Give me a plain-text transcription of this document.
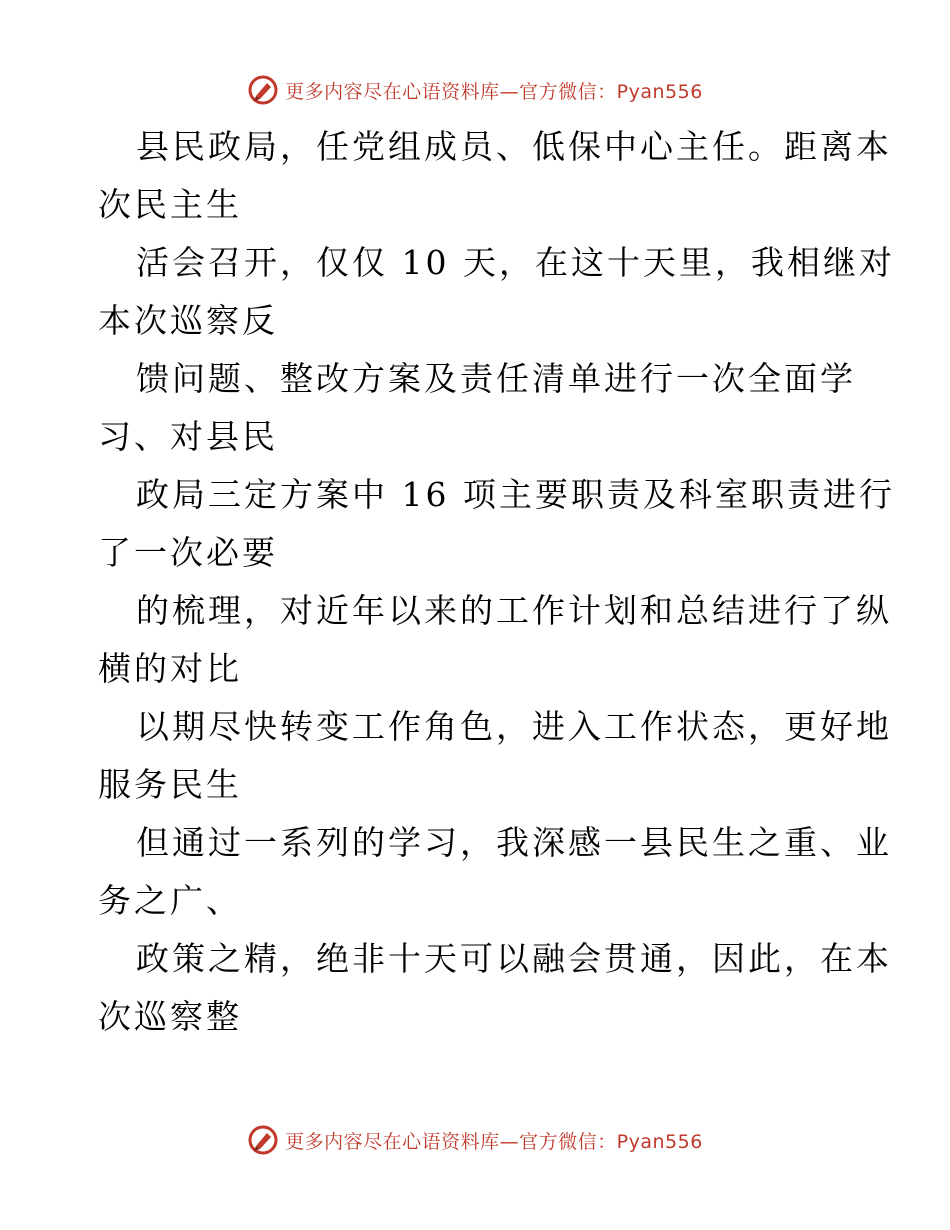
更多内容尽在心语资料库—官方微信：Pyan556
县民政局，任党组成员、低保中心主任。距离本
次民主生
活会召开，仅仅 10 天，在这十天里，我相继对
本次巡察反
馈问题、整改方案及责任清单进行一次全面学
习、对县民
政局三定方案中 16 项主要职责及科室职责进行
了一次必要
的梳理，对近年以来的工作计划和总结进行了纵
横的对比
以期尽快转变工作角色，进入工作状态，更好地
服务民生
但通过一系列的学习，我深感一县民生之重、业
务之广、
政策之精，绝非十天可以融会贯通，因此，在本
次巡察整
更多内容尽在心语资料库—官方微信：Pyan556
